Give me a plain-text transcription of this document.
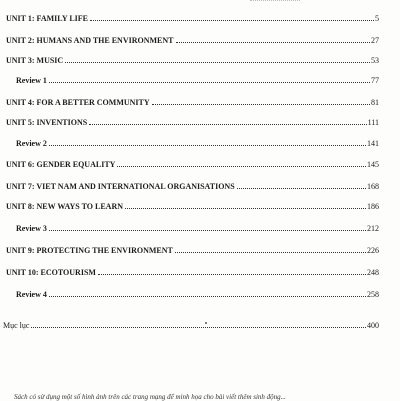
UNIT 1: FAMILY LIFE	5
UNIT 2: HUMANS AND THE ENVIRONMENT	27
UNIT 3: MUSIC	53
Review 1	77
UNIT 4: FOR A BETTER COMMUNITY	81
UNIT 5: INVENTIONS	111
Review 2	141
UNIT 6: GENDER EQUALITY	145
UNIT 7: VIET NAM AND INTERNATIONAL ORGANISATIONS	168
UNIT 8: NEW WAYS TO LEARN	186
Review 3	212
UNIT 9: PROTECTING THE ENVIRONMENT	226
UNIT 10: ECOTOURISM	248
Review 4	258
Mục lục	400
Sách có sử dụng một số hình ảnh trên các trang mạng để minh họa cho bài viết thêm sinh động...
